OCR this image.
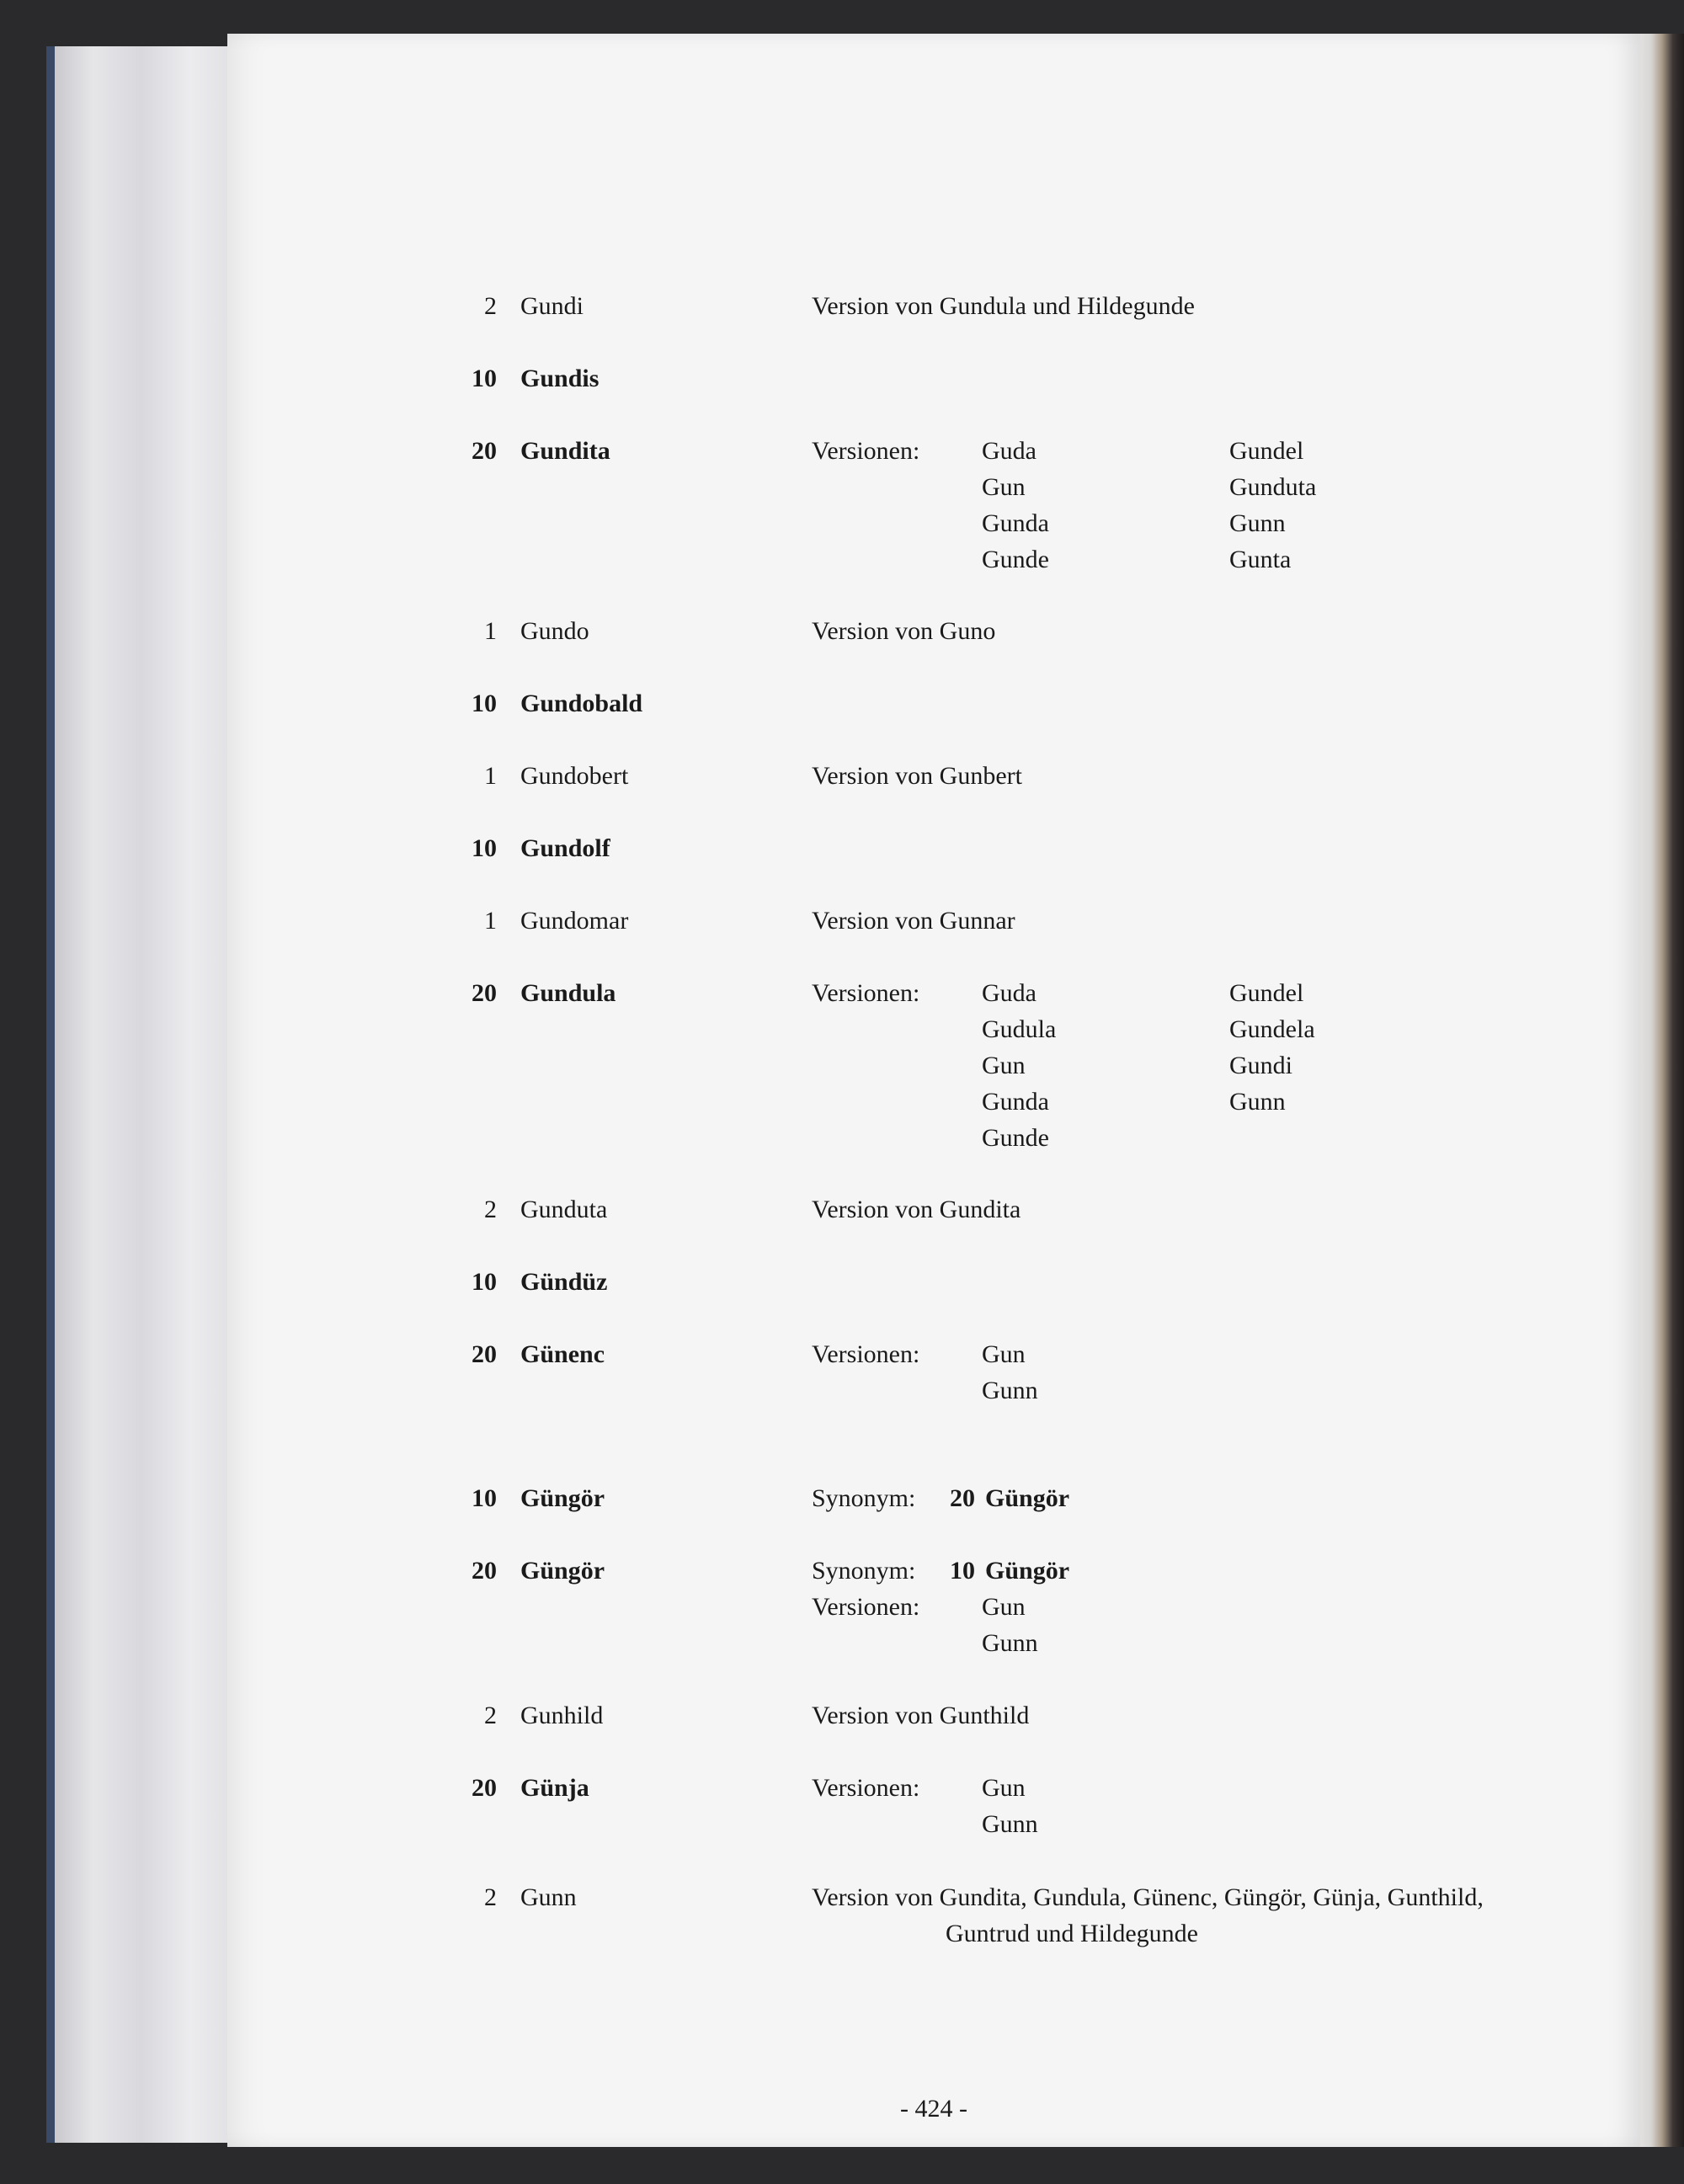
2 Gundi	Version von Gundula und Hildegunde
10 Gundis
20 Gundita	Versionen: Guda	Gundel
Gun	Gunduta
Gunda	Gunn
Gunde	Gunta
1 Gundo	Version von Guno
10 Gundobald
1 Gundobert	Version von Gunbert
10 Gundolf
1 Gundomar	Version von Gunnar
20 Gundula	Versionen: Guda	Gundel
Gudula	Gundela
Gun	Gundi
Gunda	Gunn
Gunde
2 Gunduta	Version von Gundita
10 Gündüz
20 Günenc	Versionen: Gun
Gunn
10 Güngör	Synonym:	20 Güngör
20 Güngör	Synonym:	10 Güngör
Versionen: Gun
Gunn
2 Gunhild	Version von Gunthild
20 Günja	Versionen: Gun
Gunn
2 Gunn	Version von Gundita, Gundula, Günenc, Güngör, Günja, Gunthild,
Guntrud und Hildegunde
- 424 -
